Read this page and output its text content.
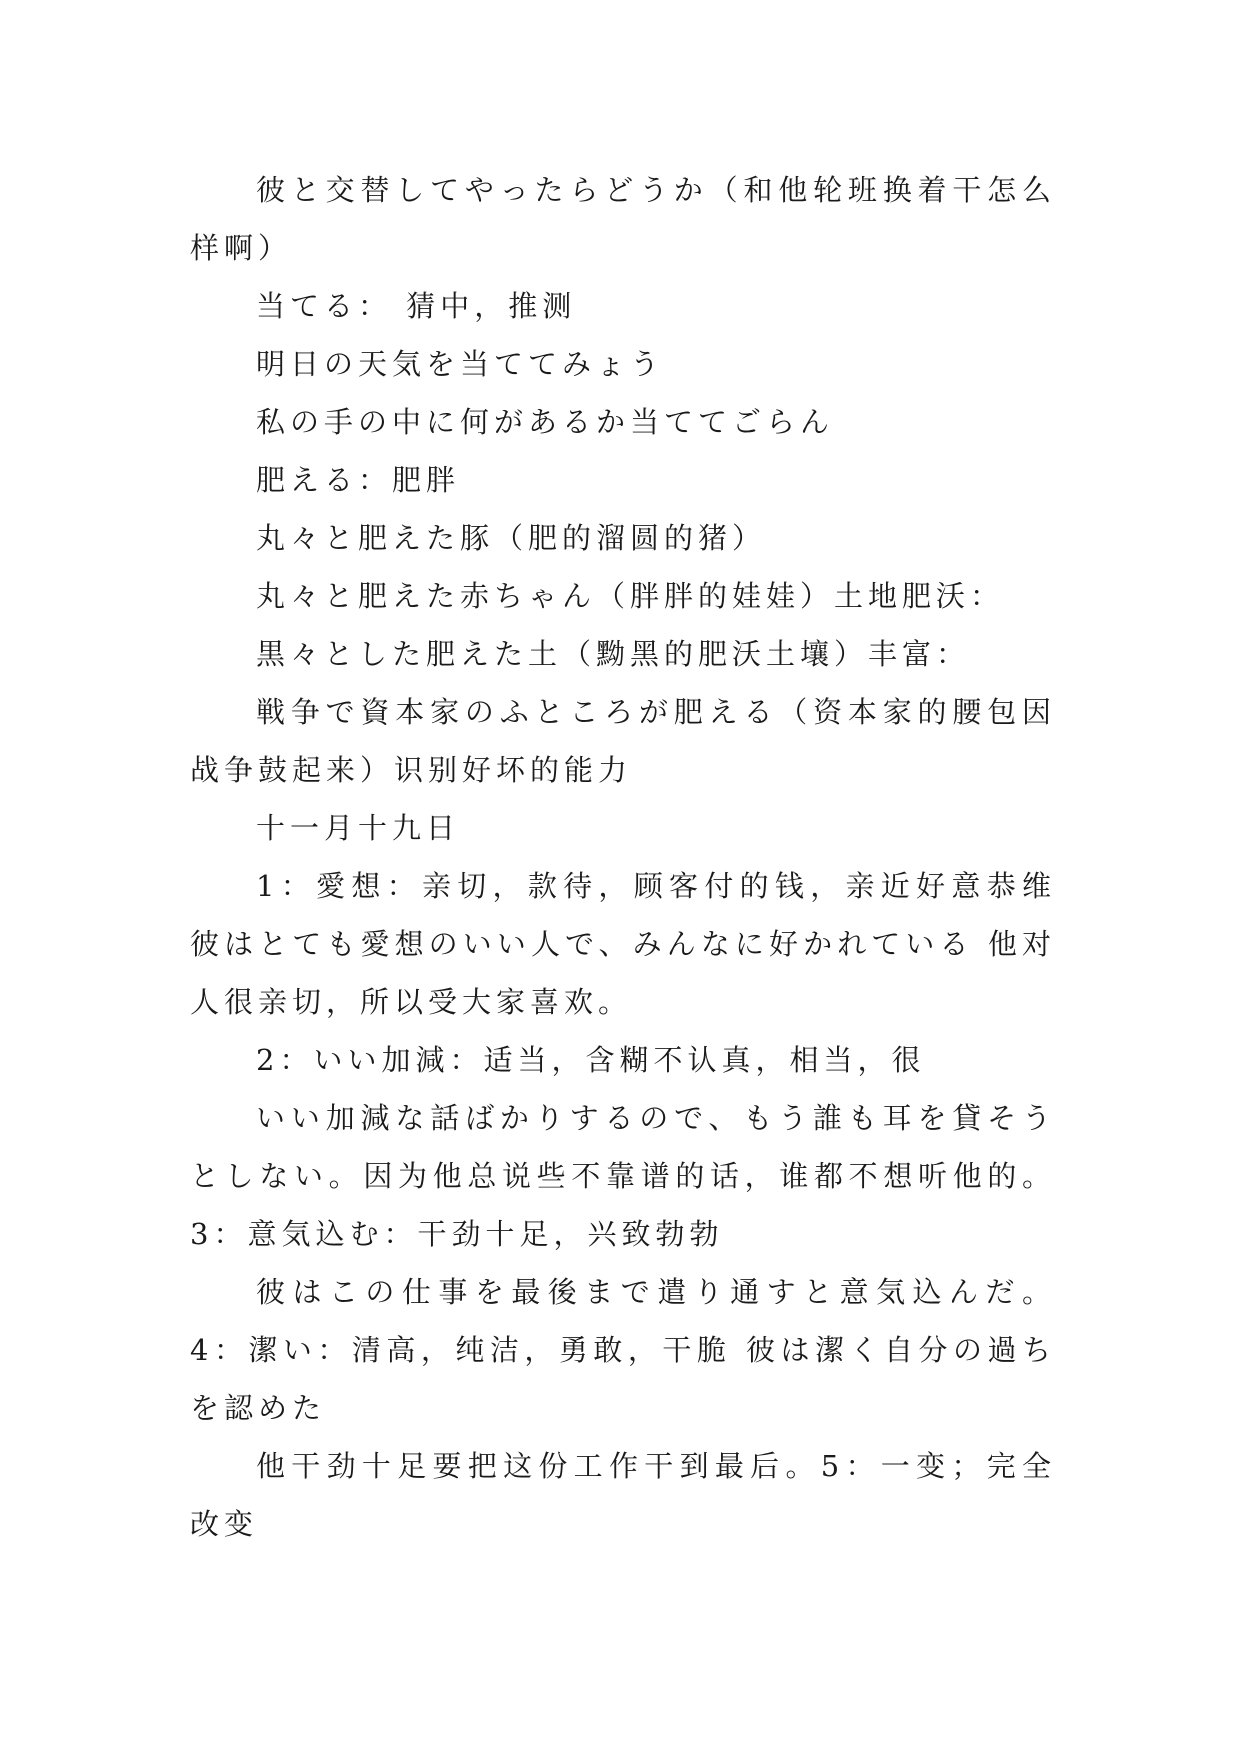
彼と交替してやったらどうか（和他轮班换着干怎么样啊）

当てる： 猜中，推测

明日の天気を当ててみょう

私の手の中に何があるか当ててごらん

肥える：肥胖

丸々と肥えた豚（肥的溜圆的猪）

丸々と肥えた赤ちゃん（胖胖的娃娃）土地肥沃：

黒々とした肥えた土（黝黑的肥沃土壤）丰富：

戦争で資本家のふところが肥える（资本家的腰包因战争鼓起来）识别好坏的能力

十一月十九日

1：愛想：亲切，款待，顾客付的钱，亲近好意恭维 彼はとても愛想のいい人で、みんなに好かれている 他对人很亲切，所以受大家喜欢。

2：いい加減：适当，含糊不认真，相当，很

いい加減な話ばかりするので、もう誰も耳を貸そうとしない。因为他总说些不靠谱的话，谁都不想听他的。3：意気込む：干劲十足，兴致勃勃

彼はこの仕事を最後まで遣り通すと意気込んだ。4：潔い：清高，纯洁，勇敢，干脆 彼は潔く自分の過ちを認めた

他干劲十足要把这份工作干到最后。5：一变；完全改变
